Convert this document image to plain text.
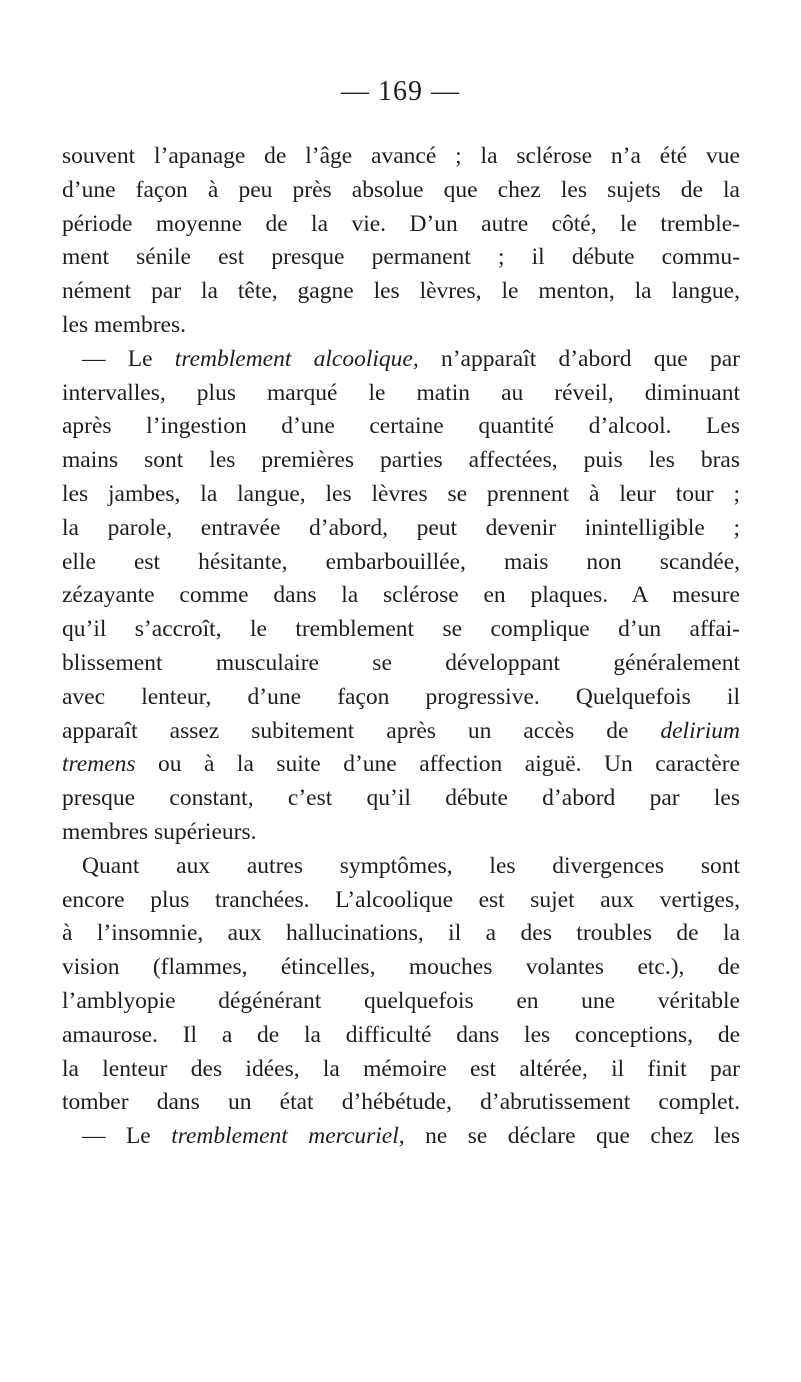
— 169 —
souvent l’apanage de l’âge avancé ; la sclérose n’a été vue
d’une façon à peu près absolue que chez les sujets de la
période moyenne de la vie. D’un autre côté, le tremble-
ment sénile est presque permanent ; il débute commu-
nément par la tête, gagne les lèvres, le menton, la langue,
les membres.
— Le tremblement alcoolique, n’apparaît d’abord que par
intervalles, plus marqué le matin au réveil, diminuant
après l’ingestion d’une certaine quantité d’alcool. Les
mains sont les premières parties affectées, puis les bras
les jambes, la langue, les lèvres se prennent à leur tour ;
la parole, entravée d’abord, peut devenir inintelligible ;
elle est hésitante, embarbouillée, mais non scandée,
zézayante comme dans la sclérose en plaques. A mesure
qu’il s’accroît, le tremblement se complique d’un affai-
blissement musculaire se développant généralement
avec lenteur, d’une façon progressive. Quelquefois il
apparaît assez subitement après un accès de delirium
tremens ou à la suite d’une affection aiguë. Un caractère
presque constant, c’est qu’il débute d’abord par les
membres supérieurs.
Quant aux autres symptômes, les divergences sont
encore plus tranchées. L’alcoolique est sujet aux vertiges,
à l’insomnie, aux hallucinations, il a des troubles de la
vision (flammes, étincelles, mouches volantes etc.), de
l’amblyopie dégénérant quelquefois en une véritable
amaurose. Il a de la difficulté dans les conceptions, de
la lenteur des idées, la mémoire est altérée, il finit par
tomber dans un état d’hébétude, d’abrutissement complet.
— Le tremblement mercuriel, ne se déclare que chez les
